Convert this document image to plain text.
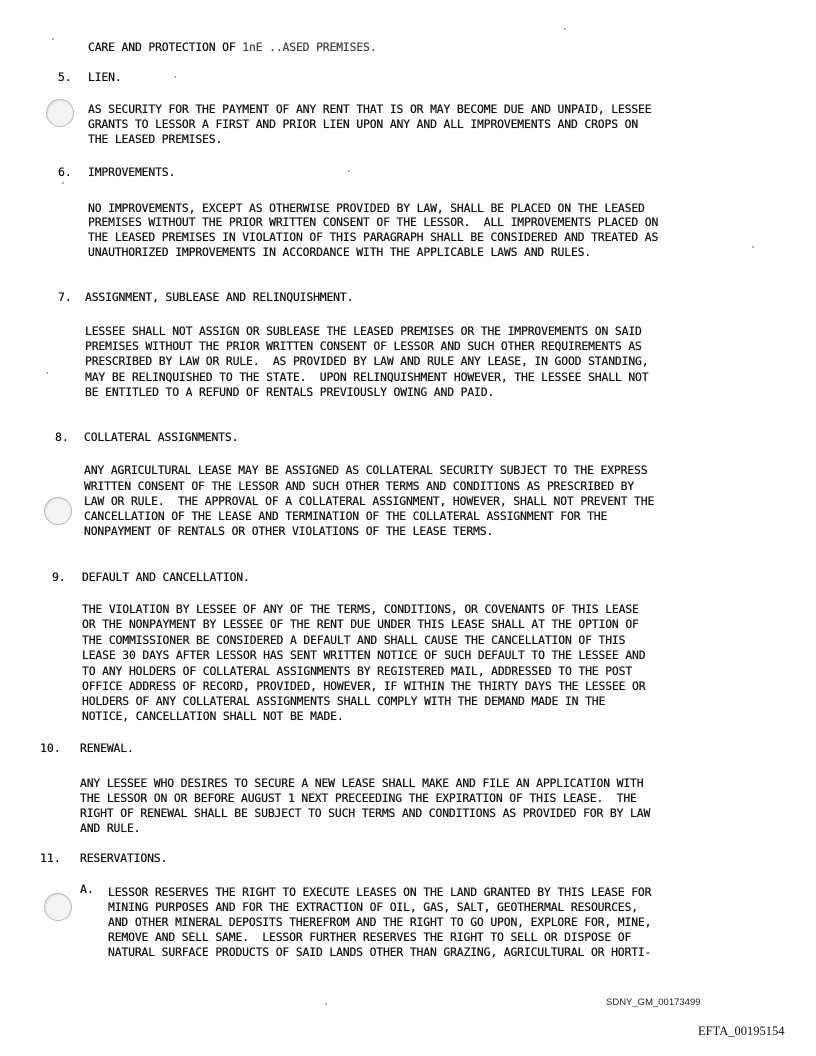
CARE AND PROTECTION OF 1nE ..ASED PREMISES.
5. LIEN.
AS SECURITY FOR THE PAYMENT OF ANY RENT THAT IS OR MAY BECOME DUE AND UNPAID, LESSEE
GRANTS TO LESSOR A FIRST AND PRIOR LIEN UPON ANY AND ALL IMPROVEMENTS AND CROPS ON
THE LEASED PREMISES.
6. IMPROVEMENTS.
NO IMPROVEMENTS, EXCEPT AS OTHERWISE PROVIDED BY LAW, SHALL BE PLACED ON THE LEASED
PREMISES WITHOUT THE PRIOR WRITTEN CONSENT OF THE LESSOR.  ALL IMPROVEMENTS PLACED ON
THE LEASED PREMISES IN VIOLATION OF THIS PARAGRAPH SHALL BE CONSIDERED AND TREATED AS
UNAUTHORIZED IMPROVEMENTS IN ACCORDANCE WITH THE APPLICABLE LAWS AND RULES.
7. ASSIGNMENT, SUBLEASE AND RELINQUISHMENT.
LESSEE SHALL NOT ASSIGN OR SUBLEASE THE LEASED PREMISES OR THE IMPROVEMENTS ON SAID
PREMISES WITHOUT THE PRIOR WRITTEN CONSENT OF LESSOR AND SUCH OTHER REQUIREMENTS AS
PRESCRIBED BY LAW OR RULE.  AS PROVIDED BY LAW AND RULE ANY LEASE, IN GOOD STANDING,
MAY BE RELINQUISHED TO THE STATE.  UPON RELINQUISHMENT HOWEVER, THE LESSEE SHALL NOT
BE ENTITLED TO A REFUND OF RENTALS PREVIOUSLY OWING AND PAID.
8. COLLATERAL ASSIGNMENTS.
ANY AGRICULTURAL LEASE MAY BE ASSIGNED AS COLLATERAL SECURITY SUBJECT TO THE EXPRESS
WRITTEN CONSENT OF THE LESSOR AND SUCH OTHER TERMS AND CONDITIONS AS PRESCRIBED BY
LAW OR RULE.  THE APPROVAL OF A COLLATERAL ASSIGNMENT, HOWEVER, SHALL NOT PREVENT THE
CANCELLATION OF THE LEASE AND TERMINATION OF THE COLLATERAL ASSIGNMENT FOR THE
NONPAYMENT OF RENTALS OR OTHER VIOLATIONS OF THE LEASE TERMS.
9. DEFAULT AND CANCELLATION.
THE VIOLATION BY LESSEE OF ANY OF THE TERMS, CONDITIONS, OR COVENANTS OF THIS LEASE
OR THE NONPAYMENT BY LESSEE OF THE RENT DUE UNDER THIS LEASE SHALL AT THE OPTION OF
THE COMMISSIONER BE CONSIDERED A DEFAULT AND SHALL CAUSE THE CANCELLATION OF THIS
LEASE 30 DAYS AFTER LESSOR HAS SENT WRITTEN NOTICE OF SUCH DEFAULT TO THE LESSEE AND
TO ANY HOLDERS OF COLLATERAL ASSIGNMENTS BY REGISTERED MAIL, ADDRESSED TO THE POST
OFFICE ADDRESS OF RECORD, PROVIDED, HOWEVER, IF WITHIN THE THIRTY DAYS THE LESSEE OR
HOLDERS OF ANY COLLATERAL ASSIGNMENTS SHALL COMPLY WITH THE DEMAND MADE IN THE
NOTICE, CANCELLATION SHALL NOT BE MADE.
10. RENEWAL.
ANY LESSEE WHO DESIRES TO SECURE A NEW LEASE SHALL MAKE AND FILE AN APPLICATION WITH
THE LESSOR ON OR BEFORE AUGUST 1 NEXT PRECEEDING THE EXPIRATION OF THIS LEASE.  THE
RIGHT OF RENEWAL SHALL BE SUBJECT TO SUCH TERMS AND CONDITIONS AS PROVIDED FOR BY LAW
AND RULE.
11. RESERVATIONS.
A. LESSOR RESERVES THE RIGHT TO EXECUTE LEASES ON THE LAND GRANTED BY THIS LEASE FOR
MINING PURPOSES AND FOR THE EXTRACTION OF OIL, GAS, SALT, GEOTHERMAL RESOURCES,
AND OTHER MINERAL DEPOSITS THEREFROM AND THE RIGHT TO GO UPON, EXPLORE FOR, MINE,
REMOVE AND SELL SAME.  LESSOR FURTHER RESERVES THE RIGHT TO SELL OR DISPOSE OF
NATURAL SURFACE PRODUCTS OF SAID LANDS OTHER THAN GRAZING, AGRICULTURAL OR HORTI-
SDNY_GM_00173499
EFTA_00195154
